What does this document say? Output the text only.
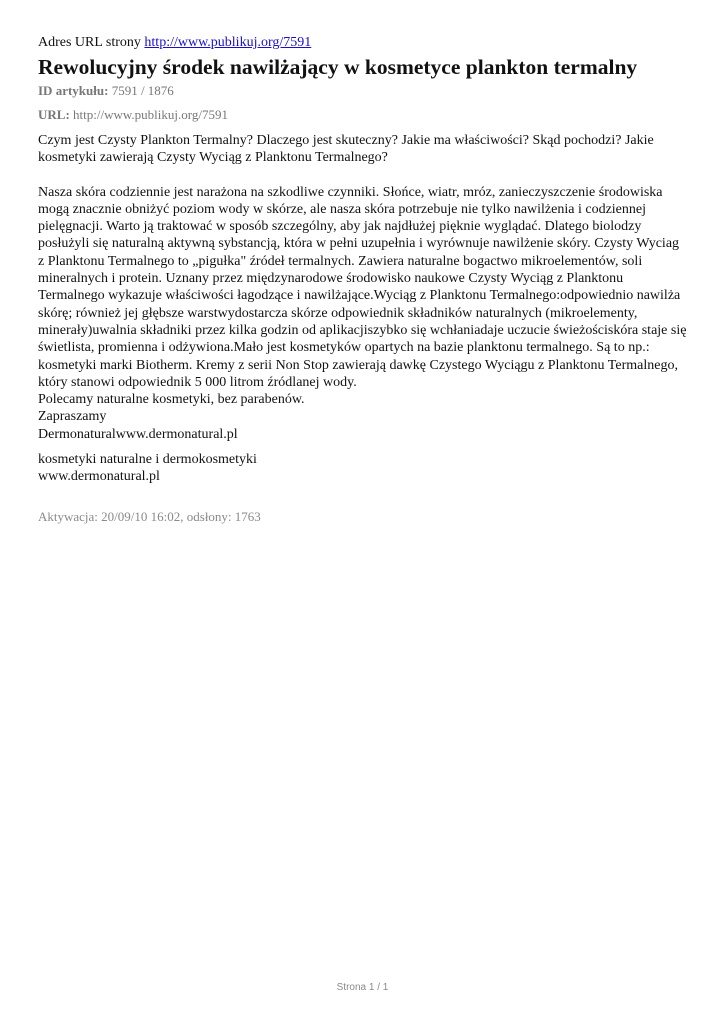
Adres URL strony http://www.publikuj.org/7591

Rewolucyjny środek nawilżający w kosmetyce plankton termalny

ID artykułu: 7591 / 1876

URL: http://www.publikuj.org/7591

Czym jest Czysty Plankton Termalny? Dlaczego jest skuteczny? Jakie ma właściwości? Skąd pochodzi? Jakie kosmetyki zawierają Czysty Wyciąg z Planktonu Termalnego?

Nasza skóra codziennie jest narażona na szkodliwe czynniki. Słońce, wiatr, mróz, zanieczyszczenie środowiska mogą znacznie obniżyć poziom wody w skórze, ale nasza skóra potrzebuje nie tylko nawilżenia i codziennej pielęgnacji. Warto ją traktować w sposób szczególny, aby jak najdłużej pięknie wyglądać. Dlatego biolodzy posłużyli się naturalną aktywną sybstancją, która w pełni uzupełnia i wyrównuje nawilżenie skóry. Czysty Wyciag z Planktonu Termalnego to „pigułka" źródeł termalnych. Zawiera naturalne bogactwo mikroelementów, soli mineralnych i protein. Uznany przez międzynarodowe środowisko naukowe Czysty Wyciąg z Planktonu Termalnego wykazuje właściwości łagodzące i nawilżające.Wyciąg z Planktonu Termalnego:odpowiednio nawilża skórę; również jej głębsze warstwydostarcza skórze odpowiednik składników naturalnych (mikroelementy, minerały)uwalnia składniki przez kilka godzin od aplikacjiszybko się wchłaniadaje uczucie świeżościskóra staje się świetlista, promienna i odżywiona.Mało jest kosmetyków opartych na bazie planktonu termalnego. Są to np.: kosmetyki marki Biotherm. Kremy z serii Non Stop zawierają dawkę Czystego Wyciągu z Planktonu Termalnego, który stanowi odpowiednik 5 000 litrom źródlanej wody.

Polecamy naturalne kosmetyki, bez parabenów.

Zapraszamy

Dermonaturalwww.dermonatural.pl

kosmetyki naturalne i dermokosmetyki

www.dermonatural.pl

Aktywacja: 20/09/10 16:02, odsłony: 1763
Strona 1 / 1
